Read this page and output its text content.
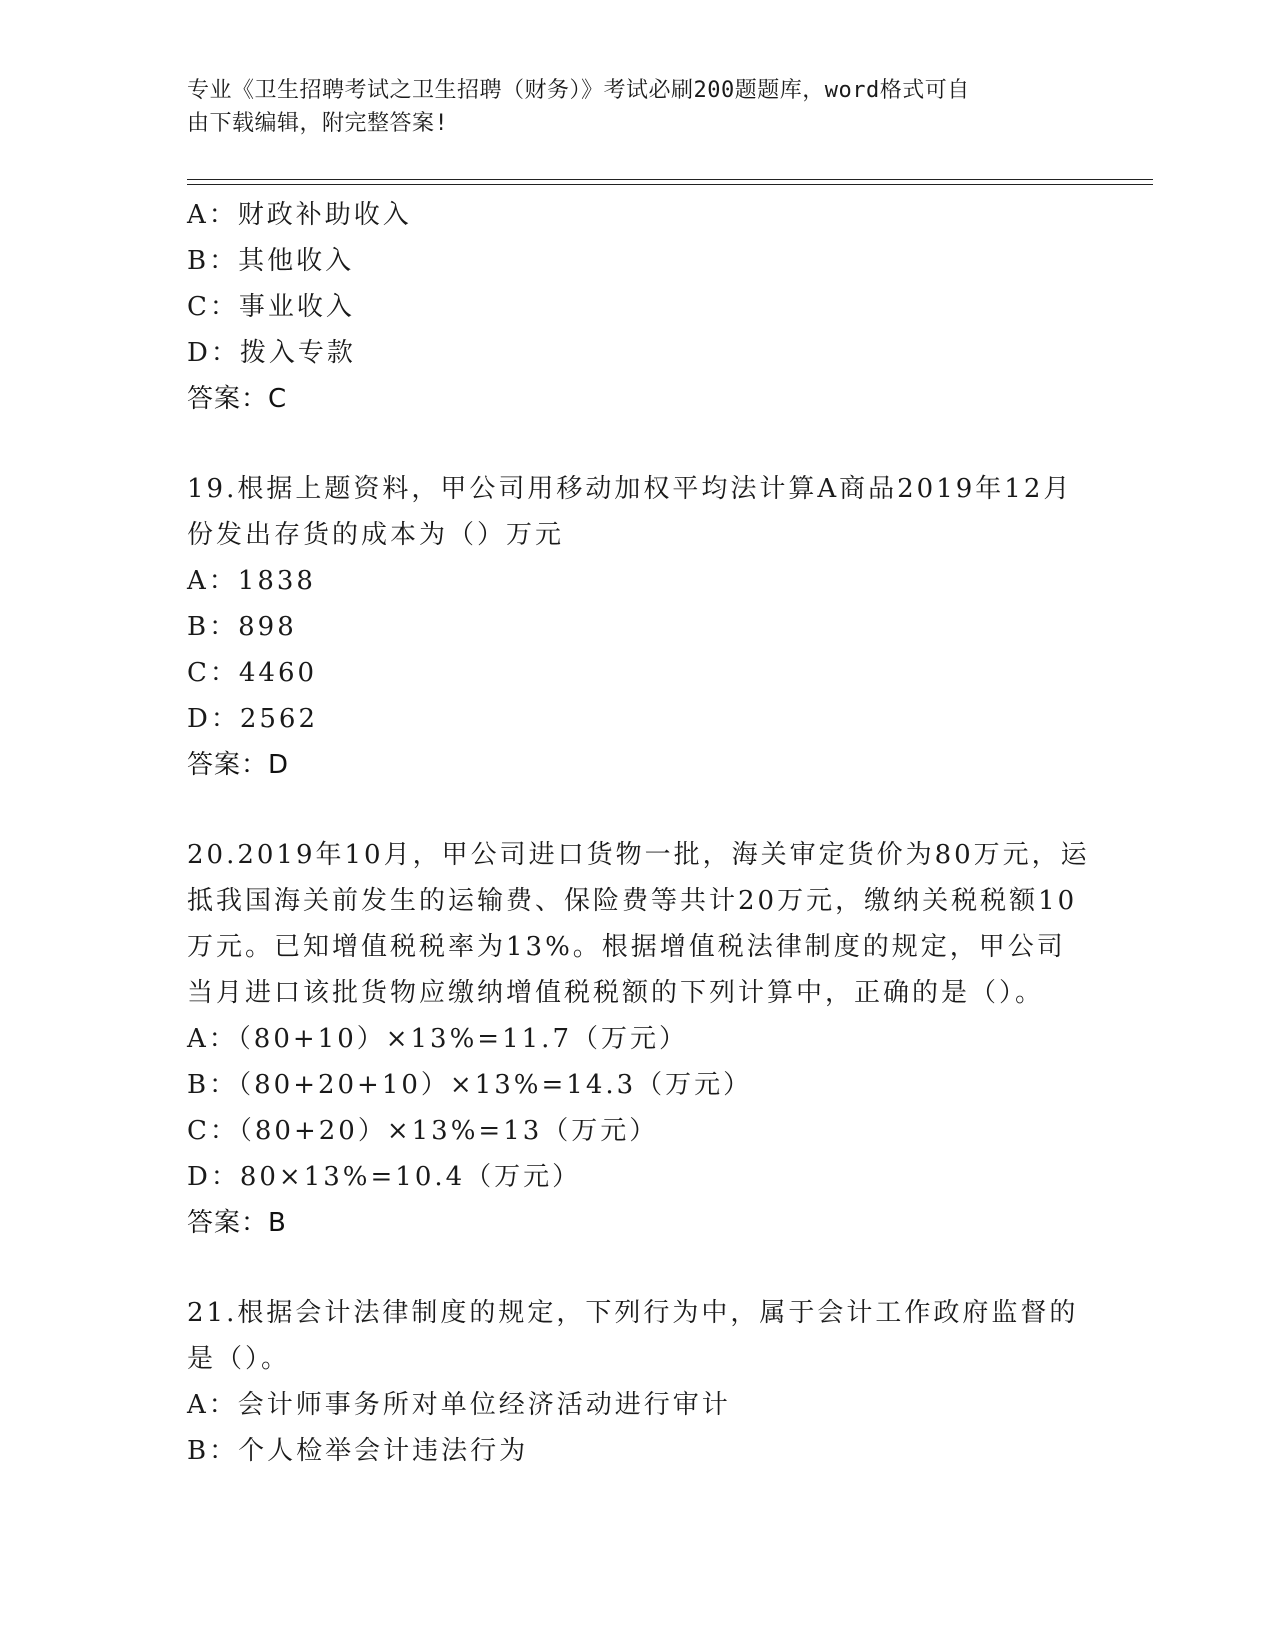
专业《卫生招聘考试之卫生招聘（财务）》考试必刷200题题库，word格式可自
由下载编辑，附完整答案!
A：财政补助收入
B：其他收入
C：事业收入
D：拨入专款
答案：C
19.根据上题资料，甲公司用移动加权平均法计算A商品2019年12月
份发出存货的成本为（）万元
A：1838
B：898
C：4460
D：2562
答案：D
20.2019年10月，甲公司进口货物一批，海关审定货价为80万元，运
抵我国海关前发生的运输费、保险费等共计20万元，缴纳关税税额10
万元。已知增值税税率为13%。根据增值税法律制度的规定，甲公司
当月进口该批货物应缴纳增值税税额的下列计算中，正确的是（）。
A：（80+10）×13%=11.7（万元）
B：（80+20+10）×13%=14.3（万元）
C：（80+20）×13%=13（万元）
D：80×13%=10.4（万元）
答案：B
21.根据会计法律制度的规定，下列行为中，属于会计工作政府监督的
是（）。
A：会计师事务所对单位经济活动进行审计
B：个人检举会计违法行为
